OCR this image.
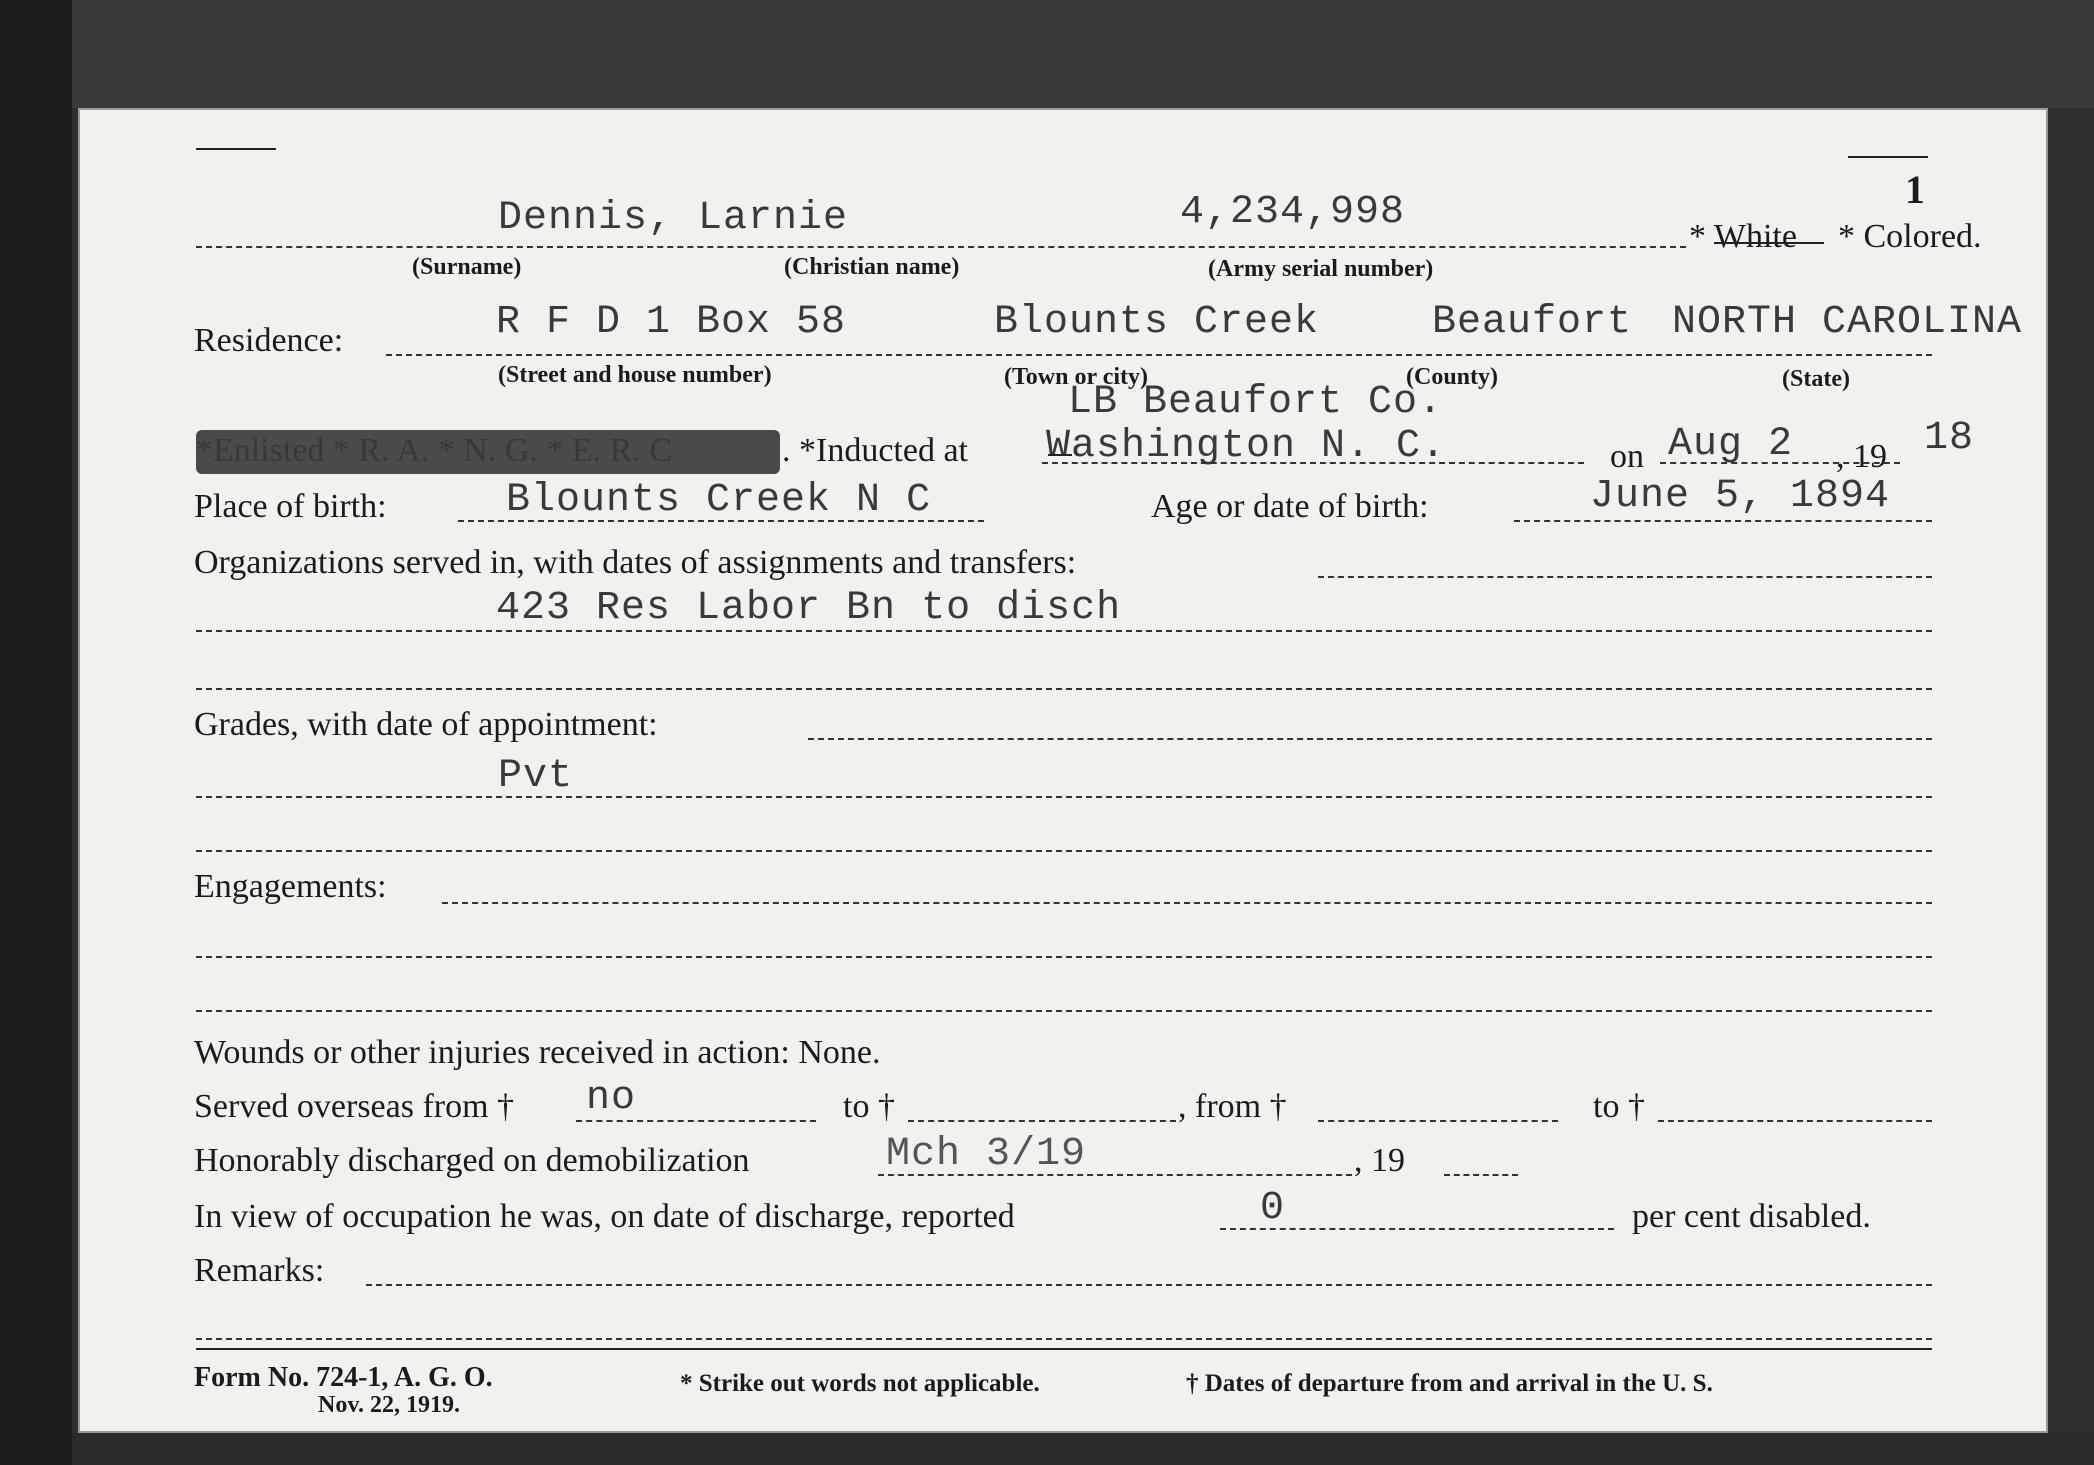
1
Dennis, Larnie	4,234,998
* White * Colored.
(Surname)	(Christian name)	(Army serial number)
Residence:	R F D 1 Box 58	Blounts Creek	Beaufort NORTH CAROLINA
(Street and house number)	(Town or city)	(County)	(State)
LB Beaufort Co.
*Enlisted * R. A. * N. G. * E. R. C	. *Inducted at Washington N. C.	on Aug 2 , 19 18
Place of birth:	Blounts Creek N C	Age or date of birth:	June 5, 1894
Organizations served in, with dates of assignments and transfers:
423 Res Labor Bn to disch
Grades, with date of appointment:
Pvt
Engagements:
Wounds or other injuries received in action: None.
Served overseas from † no	to †	, from †	to †
Honorably discharged on demobilization	Mch 3/19	, 19
In view of occupation he was, on date of discharge, reported	0	per cent disabled.
Remarks:
Form No. 724-1, A. G. O.
Nov. 22, 1919.
* Strike out words not applicable.	† Dates of departure from and arrival in the U. S.
